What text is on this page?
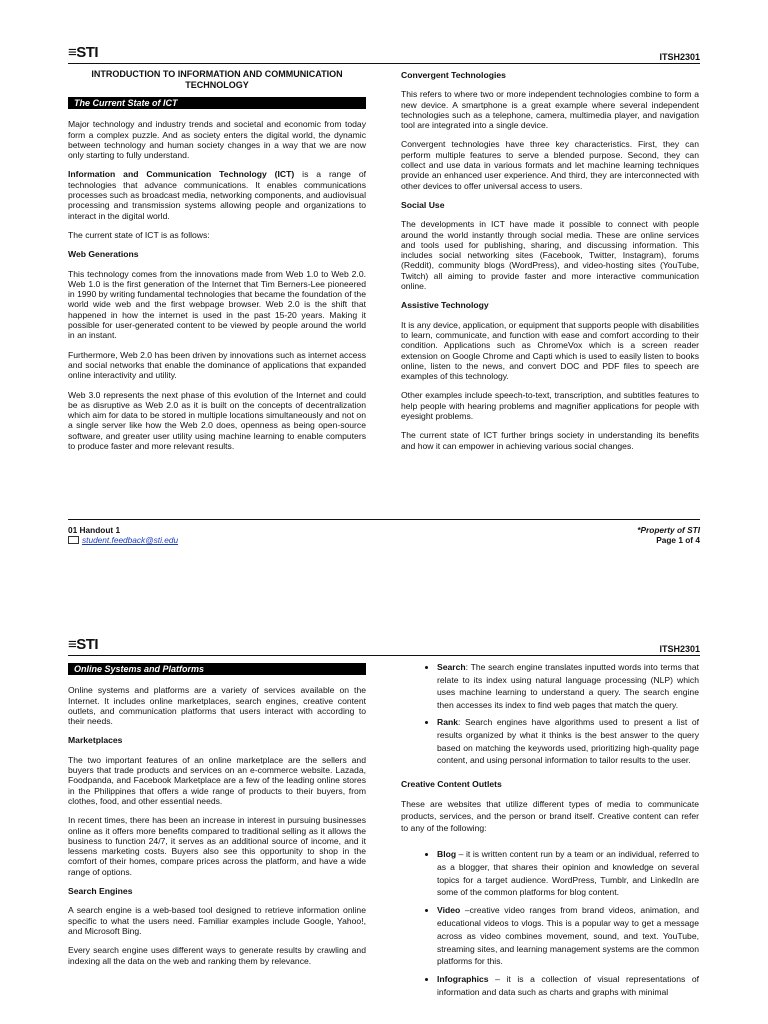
≡STI	ITSH2301
INTRODUCTION TO INFORMATION AND COMMUNICATION TECHNOLOGY
The Current State of ICT

Major technology and industry trends and societal and economic from today form a complex puzzle. And as society enters the digital world, the dynamic between technology and human society changes in a way that we are now only starting to fully understand.

Information and Communication Technology (ICT) is a range of technologies that advance communications. It enables communications processes such as broadcast media, networking components, and audiovisual processing and transmission systems allowing people and organizations to interact in the digital world.

The current state of ICT is as follows:

Web Generations

This technology comes from the innovations made from Web 1.0 to Web 2.0. Web 1.0 is the first generation of the Internet that Tim Berners-Lee pioneered in 1990 by writing fundamental technologies that became the foundation of the world wide web and the first webpage browser. Web 2.0 is the shift that happened in how the internet is used in the past 15-20 years. Making it possible for user-generated content to be viewed by people around the world in an instant.

Furthermore, Web 2.0 has been driven by innovations such as internet access and social networks that enable the dominance of applications that expanded online interactivity and utility.

Web 3.0 represents the next phase of this evolution of the Internet and could be as disruptive as Web 2.0 as it is built on the concepts of decentralization which aim for data to be stored in multiple locations simultaneously and not on a single server like how the Web 2.0 does, openness as being open-source software, and greater user utility using machine learning to enable computers to produce faster and more relevant results.

Convergent Technologies

This refers to where two or more independent technologies combine to form a new device. A smartphone is a great example where several independent technologies such as a telephone, camera, multimedia player, and navigation tool are integrated into a single device.

Convergent technologies have three key characteristics. First, they can perform multiple features to serve a blended purpose. Second, they can collect and use data in various formats and let machine learning techniques provide an enhanced user experience. And third, they are interconnected with other devices to offer universal access to users.

Social Use

The developments in ICT have made it possible to connect with people around the world instantly through social media. These are online services and tools used for publishing, sharing, and discussing information. This includes social networking sites (Facebook, Twitter, Instagram), forums (Reddit), community blogs (WordPress), and video-hosting sites (YouTube, Twitch) all aiming to provide faster and more interactive communication online.

Assistive Technology

It is any device, application, or equipment that supports people with disabilities to learn, communicate, and function with ease and comfort according to their condition. Applications such as ChromeVox which is a screen reader extension on Google Chrome and Capti which is used to easily listen to books online, listen to the news, and convert DOC and PDF files to speech are examples of this technology.

Other examples include speech-to-text, transcription, and subtitles features to help people with hearing problems and magnifier applications for people with eyesight problems.

The current state of ICT further brings society in understanding its benefits and how it can empower in achieving various social changes.

01 Handout 1
student.feedback@sti.edu
*Property of STI
Page 1 of 4
≡STI	ITSH2301
Online Systems and Platforms

Online systems and platforms are a variety of services available on the Internet. It includes online marketplaces, search engines, creative content outlets, and communication platforms that users interact with according to their needs.

Marketplaces

The two important features of an online marketplace are the sellers and buyers that trade products and services on an e-commerce website. Lazada, Foodpanda, and Facebook Marketplace are a few of the leading online stores in the Philippines that offers a wide range of products to their buyers, from clothes, food, and other essential needs.

In recent times, there has been an increase in interest in pursuing businesses online as it offers more benefits compared to traditional selling as it allows the business to function 24/7, it serves as an additional source of income, and it lessens marketing costs. Buyers also see this opportunity to shop in the comfort of their homes, compare prices across the platform, and have a wide range of options.

Search Engines

A search engine is a web-based tool designed to retrieve information online specific to what the users need. Familiar examples include Google, Yahoo!, and Microsoft Bing.

Every search engine uses different ways to generate results by crawling and indexing all the data on the web and ranking them by relevance.

• Search: The search engine translates inputted words into terms that relate to its index using natural language processing (NLP) which uses machine learning to understand a query. The search engine then accesses its index to find web pages that match the query.
• Rank: Search engines have algorithms used to present a list of results organized by what it thinks is the best answer to the query based on matching the keywords used, prioritizing high-quality page content, and using personal information to tailor results to the user.
Creative Content Outlets

These are websites that utilize different types of media to communicate products, services, and the person or brand itself. Creative content can refer to any of the following:

• Blog – it is written content run by a team or an individual, referred to as a blogger, that shares their opinion and knowledge on several topics for a target audience. WordPress, Tumblr, and LinkedIn are some of the common platforms for blog content.
• Video –creative video ranges from brand videos, animation, and educational videos to vlogs. This is a popular way to get a message across as video combines movement, sound, and text. YouTube, streaming sites, and learning management systems are the common platforms for this.
• Infographics – it is a collection of visual representations of information and data such as charts and graphs with minimal
